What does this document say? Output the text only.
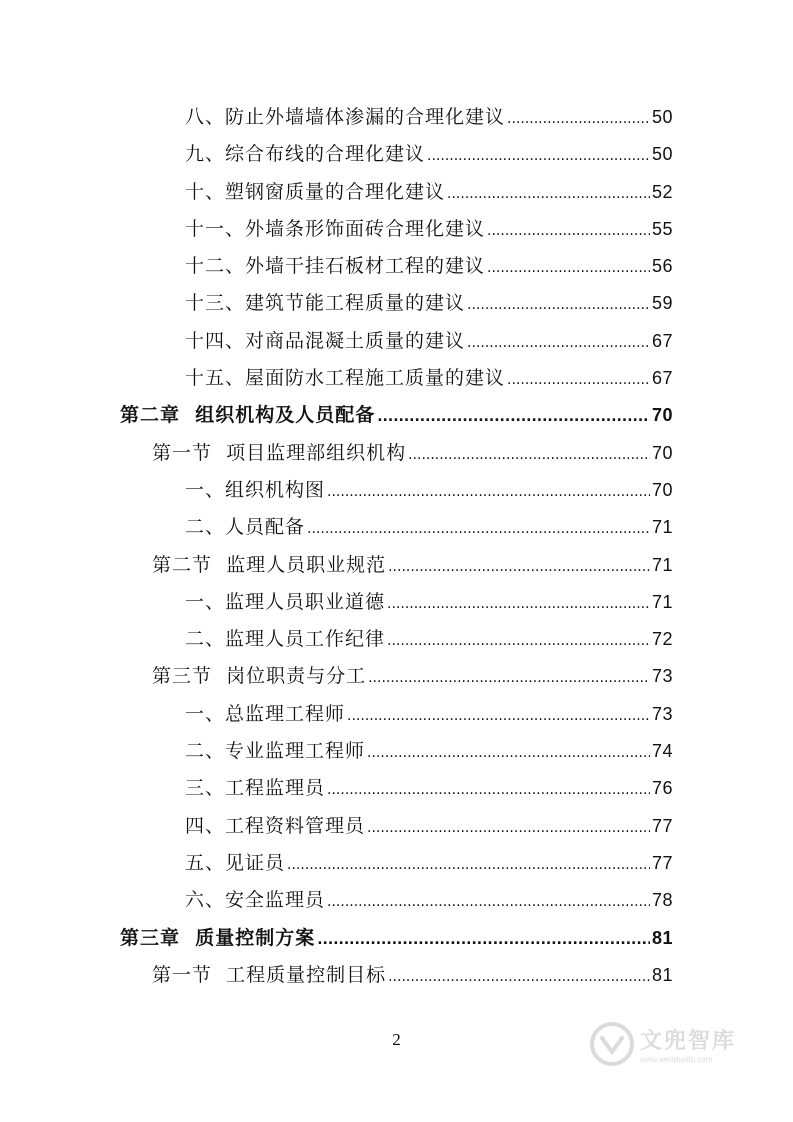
八、防止外墙墙体渗漏的合理化建议 .....	50
九、综合布线的合理化建议 .....	50
十、塑钢窗质量的合理化建议 .....	52
十一、外墙条形饰面砖合理化建议 .....	55
十二、外墙干挂石板材工程的建议 .....	56
十三、建筑节能工程质量的建议 .....	59
十四、对商品混凝土质量的建议 .....	67
十五、屋面防水工程施工质量的建议 .....	67
第二章  组织机构及人员配备 .....	70
第一节  项目监理部组织机构 .....	70
一、组织机构图 .....	70
二、人员配备 .....	71
第二节  监理人员职业规范 .....	71
一、监理人员职业道德 .....	71
二、监理人员工作纪律 .....	72
第三节  岗位职责与分工 .....	73
一、总监理工程师 .....	73
二、专业监理工程师 .....	74
三、工程监理员 .....	76
四、工程资料管理员 .....	77
五、见证员 .....	77
六、安全监理员 .....	78
第三章  质量控制方案 .....	81
第一节  工程质量控制目标 .....	81
2	文兜智库
www.wenduolib.com
